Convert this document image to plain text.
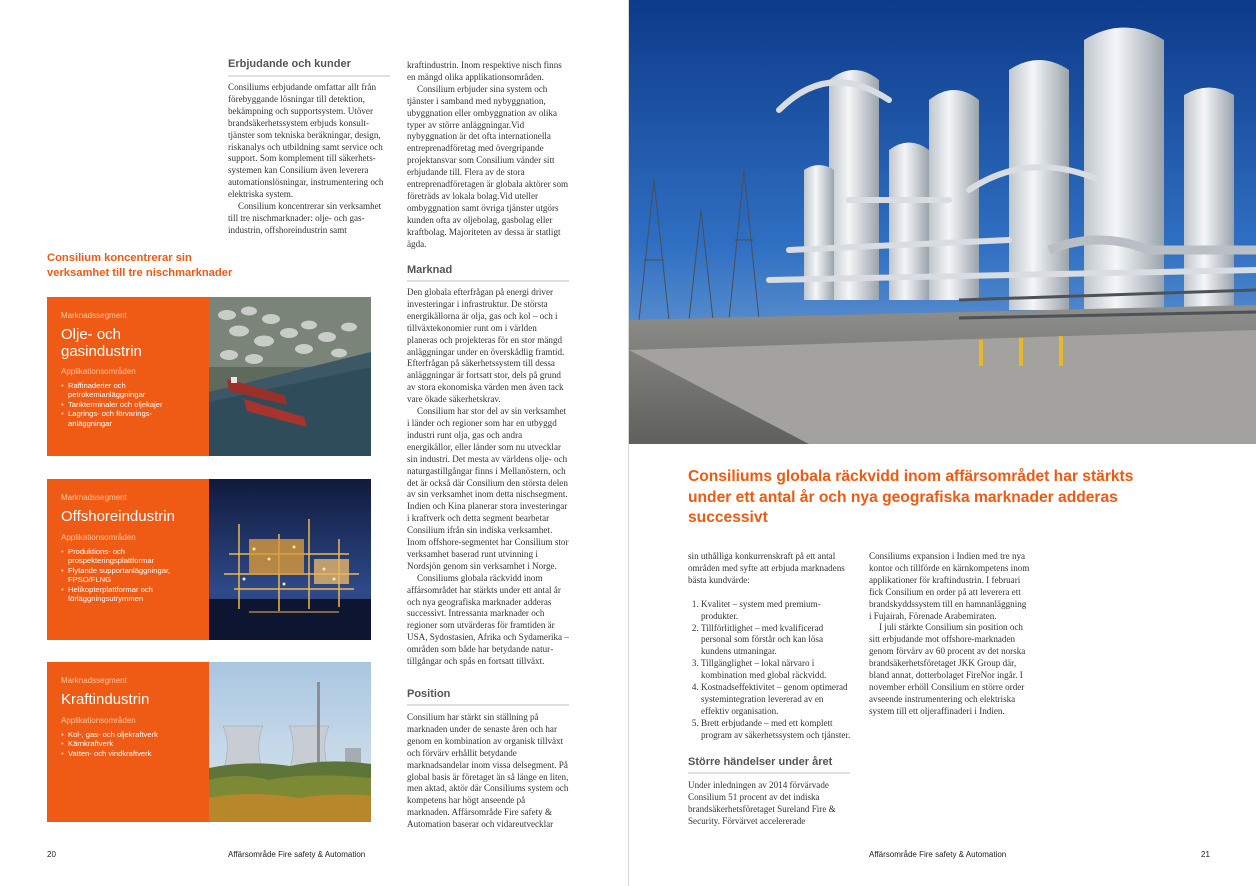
Erbjudande och kunder

Consiliums erbjudande omfattar allt från förebyggande lösningar till detektion, bekämpning och supportsystem. Utöver brandsäkerhetssystem erbjuds konsulttjänster som tekniska beräkningar, design, riskanalys och utbildning samt service och support. Som komplement till säkerhetssystemen kan Consilium även leverera automationslösningar, instrumentering och elektriska system.

Consilium koncentrerar sin verksamhet till tre nischmarknader: olje- och gasindustrin, offshoreindustrin samt

kraftindustrin. Inom respektive nisch finns en mängd olika applikationsområden.

Consilium erbjuder sina system och tjänster i samband med nybyggnation, ubyggnation eller ombyggnation av olika typer av större anläggningar.Vid nybyggnation är det ofta internationella entreprenadföretag med övergripande projektansvar som Consilium vänder sitt erbjudande till. Flera av de stora entreprenadföretagen är globala aktörer som företräds av lokala bolag.Vid uteller ombyggnation samt övriga tjänster utgörs kunden ofta av oljebolag, gasbolag eller kraftbolag. Majoriteten av dessa är statligt ägda.

Marknad

Den globala efterfrågan på energi driver investeringar i infrastruktur. De största energikällorna är olja, gas och kol – och i tillväxtekonomier runt om i världen planeras och projekteras för en stor mängd anläggningar under en överskådlig framtid. Efterfrågan på säkerhetssystem till dessa anläggningar är fortsatt stor, dels på grund av stora ekonomiska värden men även tack vare ökade säkerhetskrav.

Consilium har stor del av sin verksamhet i länder och regioner som har en utbyggd industri runt olja, gas och andra energikällor, eller länder som nu utvecklar sin industri. Det mesta av världens olje- och naturgastillgångar finns i Mellanöstern, och det är också där Consilium den största delen av sin verksamhet inom detta nischsegment. Indien och Kina planerar stora investeringar i kraftverk och detta segment bearbetar Consilium ifrån sin indiska verksamhet. Inom offshore-segmentet har Consilium stor verksamhet baserad runt utvinning i Nordsjön genom sin verksamhet i Norge.

Consiliums globala räckvidd inom affärsområdet har stärkts under ett antal år och nya geografiska marknader adderas successivt. Intressanta marknader och regioner som utvärderas för framtiden är USA, Sydostasien, Afrika och Sydamerika – områden som både har betydande naturtillgångar och spås en fortsatt tillväxt.

Position

Consilium har stärkt sin ställning på marknaden under de senaste åren och har genom en kombination av organisk tillväxt och förvärv erhållit betydande marknadsandelar inom vissa delsegment. På global basis är företaget än så länge en liten, men aktad, aktör där Consiliums system och kompetens har högt anseende på marknaden. Affärsområde Fire safety & Automation baserar och vidareutvecklar

Consilium koncentrerar sin verksamhet till tre nischmarknader
Marknadssegment
Olje- och gasindustrin
Applikationsområden
• Raffinaderier och petrokemianläggningar
• Tankterminaler och oljekajer
• Lagrings- och förvaringsanläggningar
Marknadssegment
Offshoreindustrin
Applikationsområden
• Produktions- och prospekteringsplattformar
• Flytande supportanläggningar, FPSO/FLNG
• Helikopterplattformar och förläggningsutrymmen
Marknadssegment
Kraftindustrin
Applikationsområden
• Kol-, gas- och oljekraftverk
• Kärnkraftverk
• Vatten- och vindkraftverk
20	Affärsområde Fire safety & Automation
Consiliums globala räckvidd inom affärsområdet har stärkts under ett antal år och nya geografiska marknader adderas successivt

sin uthålliga konkurrenskraft på ett antal områden med syfte att erbjuda marknadens bästa kundvärde:

1. Kvalitet – system med premiumprodukter.
2. Tillförlitlighet – med kvalificerad personal som förstår och kan lösa kundens utmaningar.
3. Tillgänglighet – lokal närvaro i kombination med global räckvidd.
4. Kostnadseffektivitet – genom optimerad systemintegration levererad av en effektiv organisation.
5. Brett erbjudande – med ett komplett program av säkerhetssystem och tjänster.
Större händelser under året

Under inledningen av 2014 förvärvade Consilium 51 procent av det indiska brandsäkerhetsföretaget Sureland Fire & Security. Förvärvet accelererade

Consiliums expansion i Indien med tre nya kontor och tillförde en kärnkompetens inom applikationer för kraftindustrin. I februari fick Consilium en order på att leverera ett brandskyddssystem till en hamnanläggning i Fujairah, Förenade Arabemiraten.

I juli stärkte Consilium sin position och sitt erbjudande mot offshore-marknaden genom förvärv av 60 procent av det norska brandsäkerhetsföretaget JKK Group där, bland annat, dotterbolaget FireNor ingår. I november erhöll Consilium en större order avseende instrumentering och elektriska system till ett oljeraffinaderi i Indien.

Affärsområde Fire safety & Automation	21
